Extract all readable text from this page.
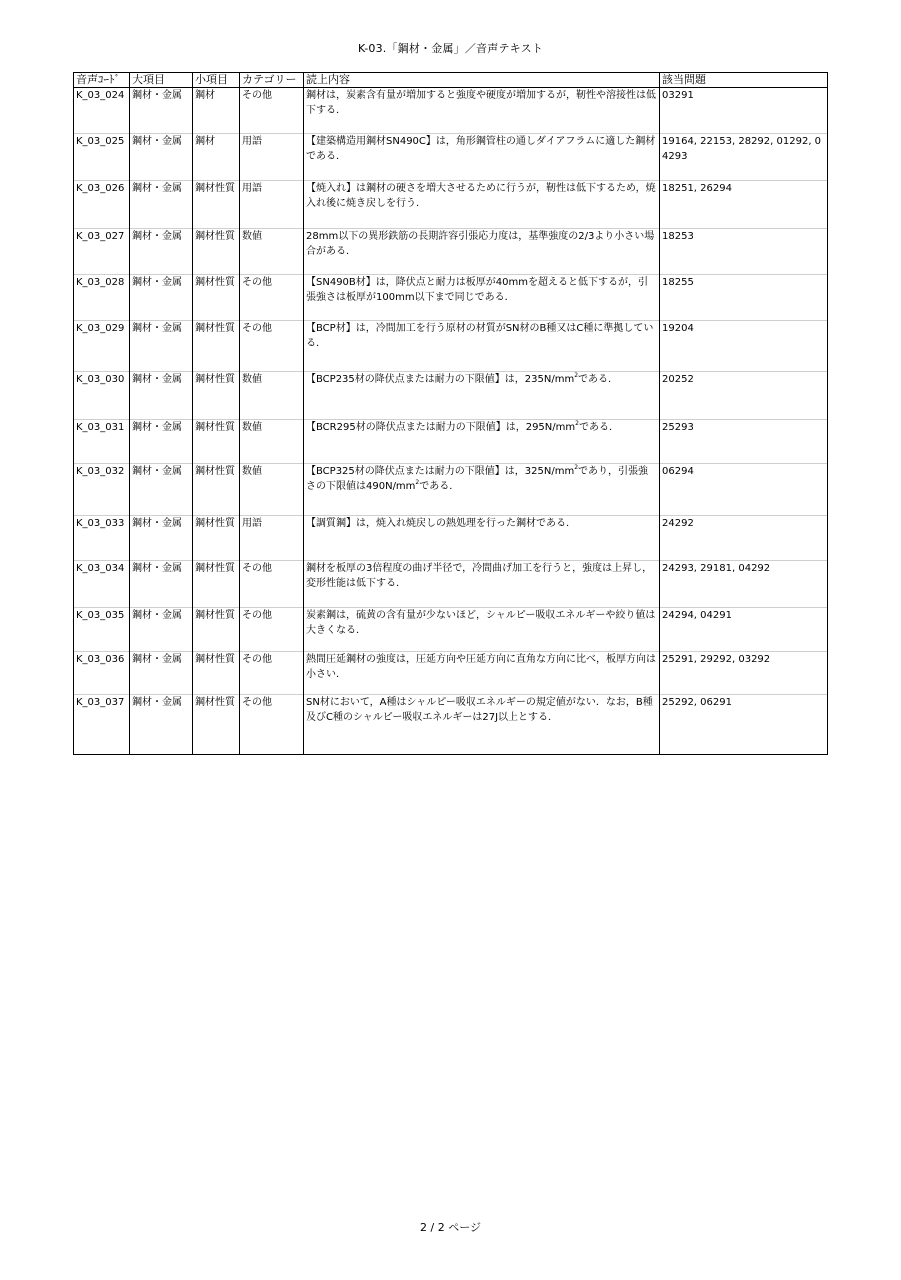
K-03.「鋼材・金属」／音声テキスト
音声ｺｰﾄﾞ	大項目	小項目	カテゴリー	読上内容	該当問題
K_03_024	鋼材・金属	鋼材	その他	鋼材は，炭素含有量が増加すると強度や硬度が増加するが，靭性や溶接性は低下する．	03291
K_03_025	鋼材・金属	鋼材	用語	【建築構造用鋼材SN490C】は，角形鋼管柱の通しダイアフラムに適した鋼材である．	19164, 22153, 28292, 01292, 04293
K_03_026	鋼材・金属	鋼材性質	用語	【焼入れ】は鋼材の硬さを増大させるために行うが，靭性は低下するため，焼入れ後に焼き戻しを行う．	18251, 26294
K_03_027	鋼材・金属	鋼材性質	数値	28mm以下の異形鉄筋の長期許容引張応力度は，基準強度の2/3より小さい場合がある．	18253
K_03_028	鋼材・金属	鋼材性質	その他	【SN490B材】は，降伏点と耐力は板厚が40mmを超えると低下するが，引張強さは板厚が100mm以下まで同じである．	18255
K_03_029	鋼材・金属	鋼材性質	その他	【BCP材】は，冷間加工を行う原材の材質がSN材のB種又はC種に準拠している．	19204
K_03_030	鋼材・金属	鋼材性質	数値	【BCP235材の降伏点または耐力の下限値】は，$235N/mm^2$である．	20252
K_03_031	鋼材・金属	鋼材性質	数値	【BCR295材の降伏点または耐力の下限値】は，$295N/mm^2$である．	25293
K_03_032	鋼材・金属	鋼材性質	数値	【BCP325材の降伏点または耐力の下限値】は，$325N/mm^2$であり，引張強さの下限値は$490N/mm^2$である．	06294
K_03_033	鋼材・金属	鋼材性質	用語	【調質鋼】は，焼入れ焼戻しの熱処理を行った鋼材である．	24292
K_03_034	鋼材・金属	鋼材性質	その他	鋼材を板厚の3倍程度の曲げ半径で，冷間曲げ加工を行うと，強度は上昇し，変形性能は低下する．	24293, 29181, 04292
K_03_035	鋼材・金属	鋼材性質	その他	炭素鋼は，硫黄の含有量が少ないほど，シャルピー吸収エネルギーや絞り値は大きくなる．	24294, 04291
K_03_036	鋼材・金属	鋼材性質	その他	熱間圧延鋼材の強度は，圧延方向や圧延方向に直角な方向に比べ，板厚方向は小さい．	25291, 29292, 03292
K_03_037	鋼材・金属	鋼材性質	その他	SN材において，A種はシャルピー吸収エネルギーの規定値がない．なお，B種及びC種のシャルピー吸収エネルギーは27J以上とする．	25292, 06291
2 / 2 ページ
